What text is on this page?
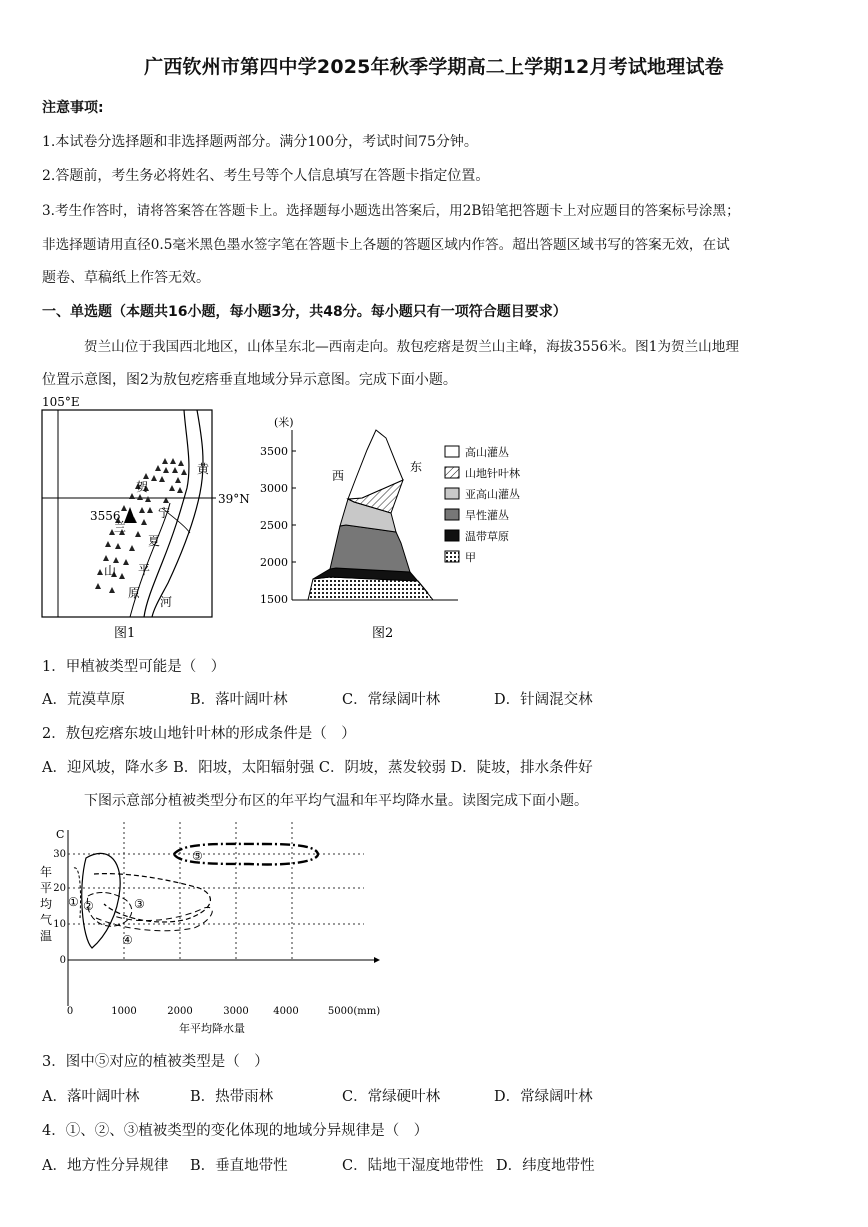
广西钦州市第四中学2025年秋季学期高二上学期12月考试地理试卷
注意事项:
1.本试卷分选择题和非选择题两部分。满分100分，考试时间75分钟。
2.答题前，考生务必将姓名、考生号等个人信息填写在答题卡指定位置。
3.考生作答时，请将答案答在答题卡上。选择题每小题选出答案后，用2B铅笔把答题卡上对应题目的答案标号涂黑；
非选择题请用直径0.5毫米黑色墨水签字笔在答题卡上各题的答题区域内作答。超出答题区域书写的答案无效，在试
题卷、草稿纸上作答无效。
一、单选题（本题共16小题，每小题3分，共48分。每小题只有一项符合题目要求）
贺兰山位于我国西北地区，山体呈东北—西南走向。敖包疙瘩是贺兰山主峰，海拔3556米。图1为贺兰山地理
位置示意图，图2为敖包疙瘩垂直地域分异示意图。完成下面小题。
105°E
39°N
3556
贺
兰
山
宁
夏
平
原
黄
河
图1
(米)
3500
3000
2500
2000
1500
西
东
高山灌丛
山地针叶林
亚高山灌丛
旱性灌丛
温带草原
甲
图2
1．甲植被类型可能是（　）
A．荒漠草原	B．落叶阔叶林	C．常绿阔叶林	D．针阔混交林
2．敖包疙瘩东坡山地针叶林的形成条件是（　）
A．迎风坡，降水多 B．阳坡，太阳辐射强 C．阴坡，蒸发较弱 D．陡坡，排水条件好
下图示意部分植被类型分布区的年平均气温和年平均降水量。读图完成下面小题。
C
30
20
10
0
年
平
均
气
温
0	1000	2000	3000 4000	5000(mm)
年平均降水量
① ②	③
④
⑤
3．图中⑤对应的植被类型是（　）
A．落叶阔叶林	B．热带雨林	C．常绿硬叶林	D．常绿阔叶林
4．①、②、③植被类型的变化体现的地域分异规律是（　）
A．地方性分异规律 B．垂直地带性	C．陆地干湿度地带性 D．纬度地带性
